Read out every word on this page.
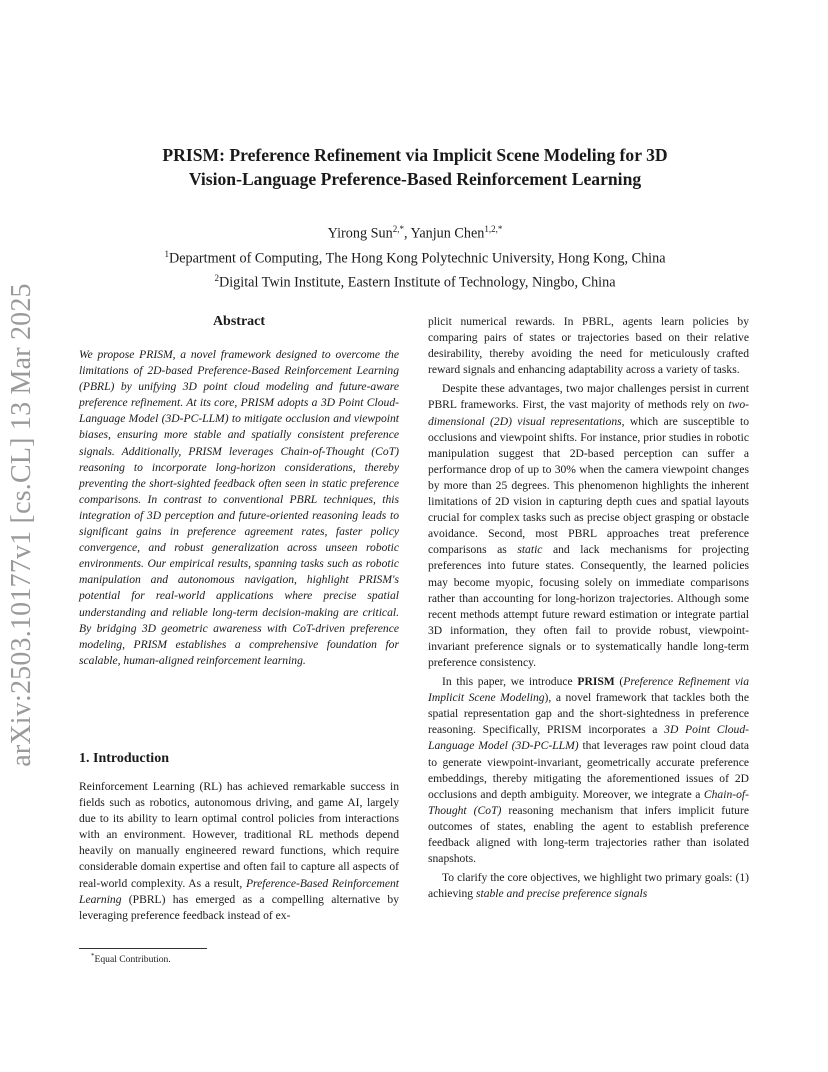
arXiv:2503.10177v1 [cs.CL] 13 Mar 2025
PRISM: Preference Refinement via Implicit Scene Modeling for 3D
Vision-Language Preference-Based Reinforcement Learning
Yirong Sun$^{2,*}$, Yanjun Chen$^{1,2,*}$
$^1$Department of Computing, The Hong Kong Polytechnic University, Hong Kong, China
$^2$Digital Twin Institute, Eastern Institute of Technology, Ningbo, China
Abstract

We propose PRISM, a novel framework designed to overcome the limitations of 2D-based Preference-Based Reinforcement Learning (PBRL) by unifying 3D point cloud modeling and future-aware preference refinement. At its core, PRISM adopts a 3D Point Cloud-Language Model (3D-PC-LLM) to mitigate occlusion and viewpoint biases, ensuring more stable and spatially consistent preference signals. Additionally, PRISM leverages Chain-of-Thought (CoT) reasoning to incorporate long-horizon considerations, thereby preventing the short-sighted feedback often seen in static preference comparisons. In contrast to conventional PBRL techniques, this integration of 3D perception and future-oriented reasoning leads to significant gains in preference agreement rates, faster policy convergence, and robust generalization across unseen robotic environments. Our empirical results, spanning tasks such as robotic manipulation and autonomous navigation, highlight PRISM's potential for real-world applications where precise spatial understanding and reliable long-term decision-making are critical. By bridging 3D geometric awareness with CoT-driven preference modeling, PRISM establishes a comprehensive foundation for scalable, human-aligned reinforcement learning.

1. Introduction

Reinforcement Learning (RL) has achieved remarkable success in fields such as robotics, autonomous driving, and game AI, largely due to its ability to learn optimal control policies from interactions with an environment. However, traditional RL methods depend heavily on manually engineered reward functions, which require considerable domain expertise and often fail to capture all aspects of real-world complexity. As a result, Preference-Based Reinforcement Learning (PBRL) has emerged as a compelling alternative by leveraging preference feedback instead of ex-

plicit numerical rewards. In PBRL, agents learn policies by comparing pairs of states or trajectories based on their relative desirability, thereby avoiding the need for meticulously crafted reward signals and enhancing adaptability across a variety of tasks.

Despite these advantages, two major challenges persist in current PBRL frameworks. First, the vast majority of methods rely on two-dimensional (2D) visual representations, which are susceptible to occlusions and viewpoint shifts. For instance, prior studies in robotic manipulation suggest that 2D-based perception can suffer a performance drop of up to 30% when the camera viewpoint changes by more than 25 degrees. This phenomenon highlights the inherent limitations of 2D vision in capturing depth cues and spatial layouts crucial for complex tasks such as precise object grasping or obstacle avoidance. Second, most PBRL approaches treat preference comparisons as static and lack mechanisms for projecting preferences into future states. Consequently, the learned policies may become myopic, focusing solely on immediate comparisons rather than accounting for long-horizon trajectories. Although some recent methods attempt future reward estimation or integrate partial 3D information, they often fail to provide robust, viewpoint-invariant preference signals or to systematically handle long-term preference consistency.

In this paper, we introduce PRISM (Preference Refinement via Implicit Scene Modeling), a novel framework that tackles both the spatial representation gap and the short-sightedness in preference reasoning. Specifically, PRISM incorporates a 3D Point Cloud-Language Model (3D-PC-LLM) that leverages raw point cloud data to generate viewpoint-invariant, geometrically accurate preference embeddings, thereby mitigating the aforementioned issues of 2D occlusions and depth ambiguity. Moreover, we integrate a Chain-of-Thought (CoT) reasoning mechanism that infers implicit future outcomes of states, enabling the agent to establish preference feedback aligned with long-term trajectories rather than isolated snapshots.

To clarify the core objectives, we highlight two primary goals: (1) achieving stable and precise preference signals

*Equal Contribution.
